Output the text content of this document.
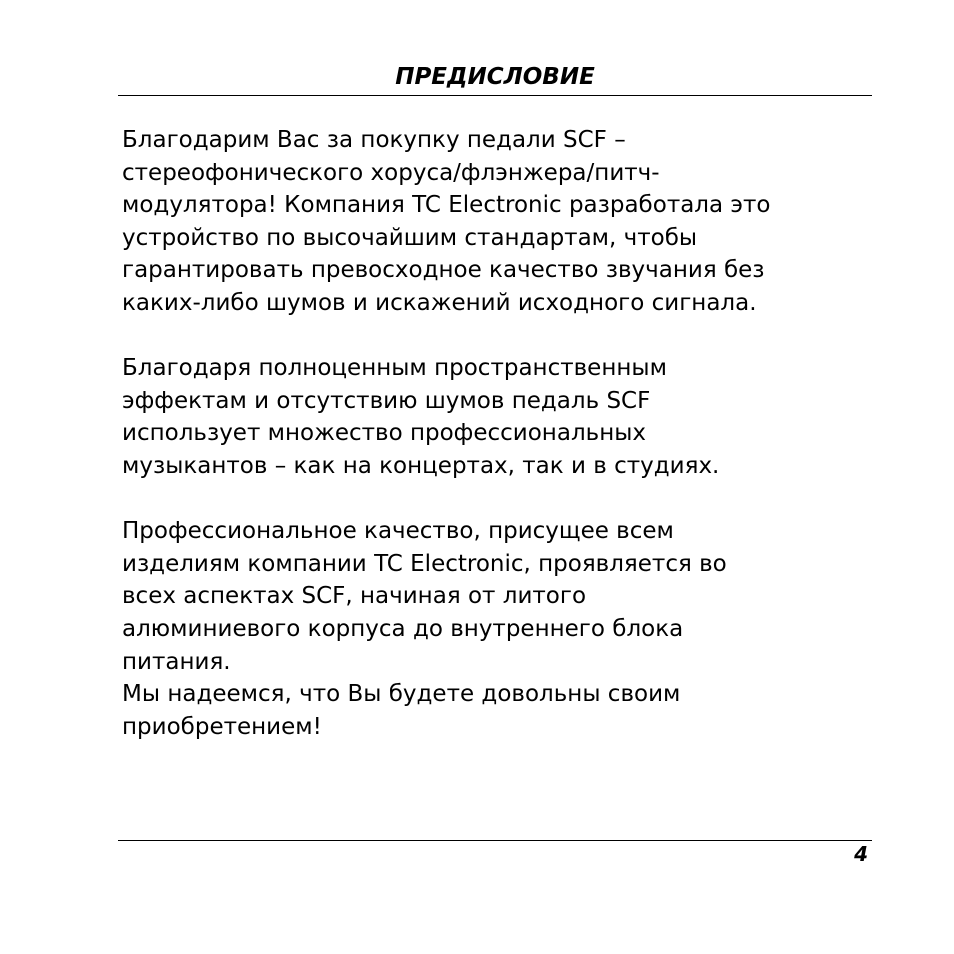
ПРЕДИСЛОВИЕ
Благодарим Вас за покупку педали SCF –
стереофонического хоруса/флэнжера/питч-
модулятора! Компания TC Electronic разработала это
устройство по высочайшим стандартам, чтобы
гарантировать превосходное качество звучания без
каких-либо шумов и искажений исходного сигнала.
Благодаря полноценным пространственным
эффектам и отсутствию шумов педаль SCF
использует множество профессиональных
музыкантов – как на концертах, так и в студиях.
Профессиональное качество, присущее всем
изделиям компании TC Electronic, проявляется во
всех аспектах SCF, начиная от литого
алюминиевого корпуса до внутреннего блока
питания.
Мы надеемся, что Вы будете довольны своим
приобретением!
4
